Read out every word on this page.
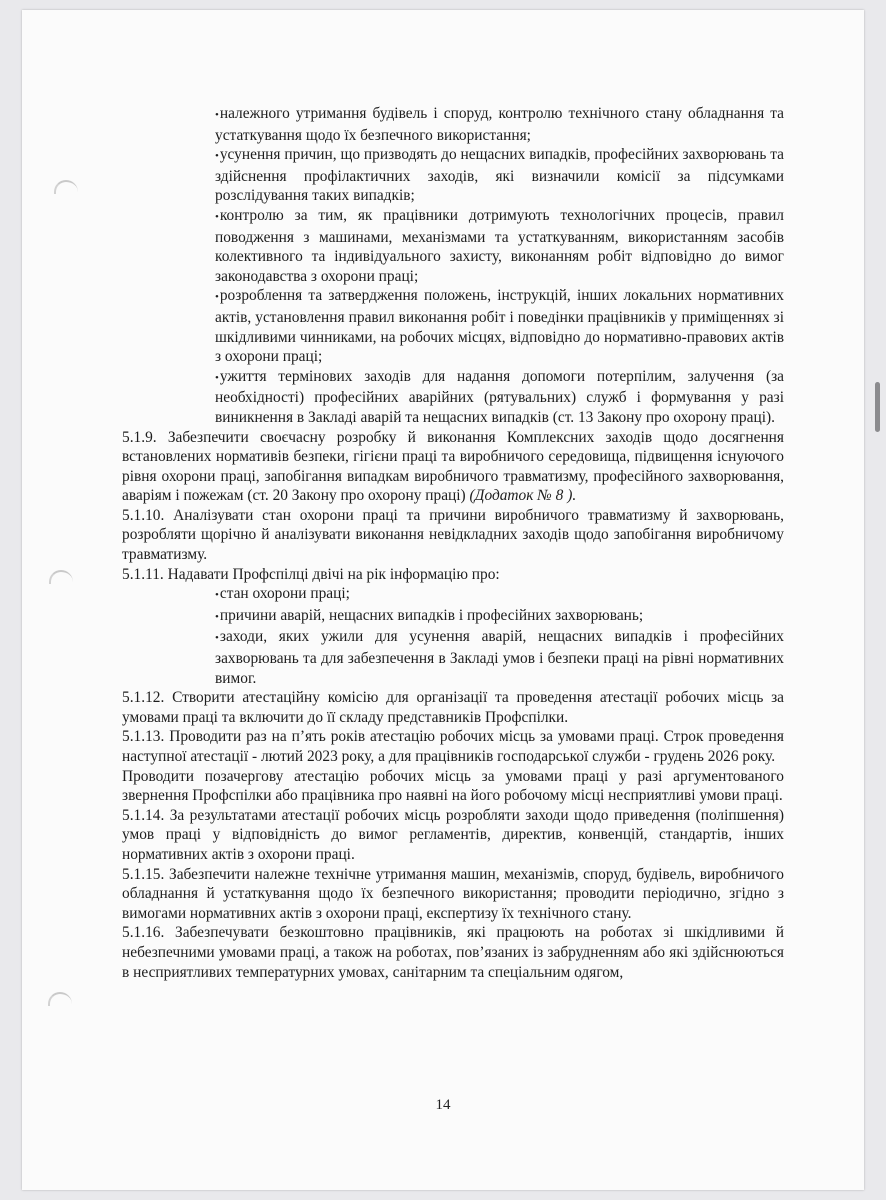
• належного утримання будівель і споруд, контролю технічного стану обладнання та устаткування щодо їх безпечного використання;

• усунення причин, що призводять до нещасних випадків, професійних захворювань та здійснення профілактичних заходів, які визначили комісії за підсумками розслідування таких випадків;

• контролю за тим, як працівники дотримують технологічних процесів, правил поводження з машинами, механізмами та устаткуванням, використанням засобів колективного та індивідуального захисту, виконанням робіт відповідно до вимог законодавства з охорони праці;

• розроблення та затвердження положень, інструкцій, інших локальних нормативних актів, установлення правил виконання робіт і поведінки працівників у приміщеннях зі шкідливими чинниками, на робочих місцях, відповідно до нормативно-правових актів з охорони праці;

• ужиття термінових заходів для надання допомоги потерпілим, залучення (за необхідності) професійних аварійних (рятувальних) служб і формування у разі виникнення в Закладі аварій та нещасних випадків (ст. 13 Закону про охорону праці).

5.1.9. Забезпечити своєчасну розробку й виконання Комплексних заходів щодо досягнення встановлених нормативів безпеки, гігієни праці та виробничого середовища, підвищення існуючого рівня охорони праці, запобігання випадкам виробничого травматизму, професійного захворювання, аваріям і пожежам (ст. 20 Закону про охорону праці) (Додаток № 8 ).

5.1.10. Аналізувати стан охорони праці та причини виробничого травматизму й захворювань, розробляти щорічно й аналізувати виконання невідкладних заходів щодо запобігання виробничому травматизму.

5.1.11. Надавати Профспілці двічі на рік інформацію про:

• стан охорони праці;

• причини аварій, нещасних випадків і професійних захворювань;

• заходи, яких ужили для усунення аварій, нещасних випадків і професійних захворювань та для забезпечення в Закладі умов і безпеки праці на рівні нормативних вимог.

5.1.12. Створити атестаційну комісію для організації та проведення атестації робочих місць за умовами праці та включити до її складу представників Профспілки.

5.1.13. Проводити раз на п’ять років атестацію робочих місць за умовами праці. Строк проведення наступної атестації - лютий 2023 року, а для працівників господарської служби - грудень 2026 року.

Проводити позачергову атестацію робочих місць за умовами праці у разі аргументованого звернення Профспілки або працівника про наявні на його робочому місці несприятливі умови праці.

5.1.14. За результатами атестації робочих місць розробляти заходи щодо приведення (поліпшення) умов праці у відповідність до вимог регламентів, директив, конвенцій, стандартів, інших нормативних актів з охорони праці.

5.1.15. Забезпечити належне технічне утримання машин, механізмів, споруд, будівель, виробничого обладнання й устаткування щодо їх безпечного використання; проводити періодично, згідно з вимогами нормативних актів з охорони праці, експертизу їх технічного стану.

5.1.16. Забезпечувати безкоштовно працівників, які працюють на роботах зі шкідливими й небезпечними умовами праці, а також на роботах, пов’язаних із забрудненням або які здійснюються в несприятливих температурних умовах, санітарним та спеціальним одягом,

14
